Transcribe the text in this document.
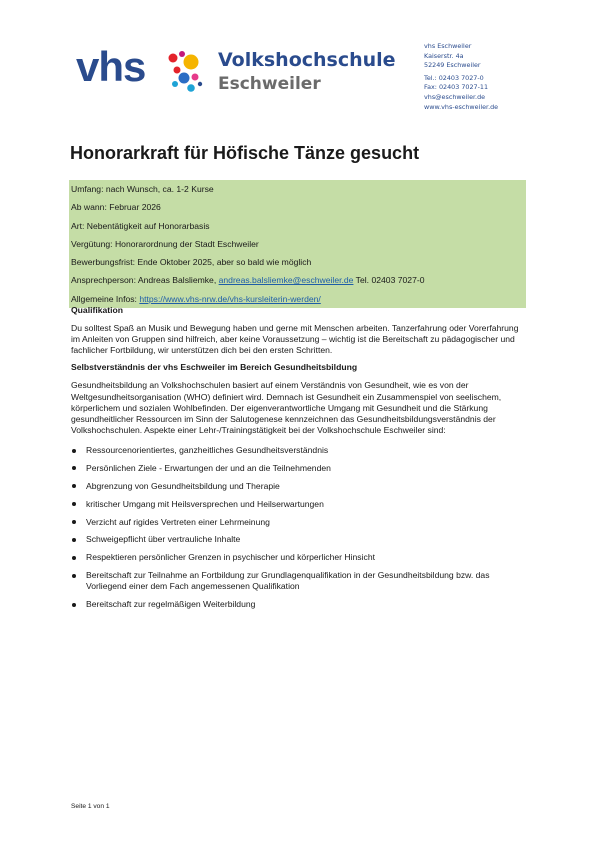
vhs	Volkshochschule
Eschweiler
vhs Eschweiler
Kaiserstr. 4a
52249 Eschweiler
Tel.: 02403 7027-0
Fax: 02403 7027-11
vhs@eschweiler.de
www.vhs-eschweiler.de
Honorarkraft für Höfische Tänze gesucht
Umfang: nach Wunsch, ca. 1-2 Kurse
Ab wann: Februar 2026
Art: Nebentätigkeit auf Honorarbasis
Vergütung: Honorarordnung der Stadt Eschweiler
Bewerbungsfrist: Ende Oktober 2025, aber so bald wie möglich
Ansprechperson: Andreas Balsliemke, andreas.balsliemke@eschweiler.de Tel. 02403 7027-0
Allgemeine Infos: https://www.vhs-nrw.de/vhs-kursleiterin-werden/
Qualifikation
Du solltest Spaß an Musik und Bewegung haben und gerne mit Menschen arbeiten. Tanzerfahrung oder Vorerfahrung im Anleiten von Gruppen sind hilfreich, aber keine Voraussetzung – wichtig ist die Bereitschaft zu pädagogischer und fachlicher Fortbildung, wir unterstützen dich bei den ersten Schritten.
Selbstverständnis der vhs Eschweiler im Bereich Gesundheitsbildung
Gesundheitsbildung an Volkshochschulen basiert auf einem Verständnis von Gesundheit, wie es von der Weltgesundheitsorganisation (WHO) definiert wird. Demnach ist Gesundheit ein Zusammenspiel von seelischem, körperlichem und sozialen Wohlbefinden. Der eigenverantwortliche Umgang mit Gesundheit und die Stärkung gesundheitlicher Ressourcen im Sinn der Salutogenese kennzeichnen das Gesundheitsbildungsverständnis der Volkshochschulen. Aspekte einer Lehr-/Trainingstätigkeit bei der Volkshochschule Eschweiler sind:
Ressourcenorientiertes, ganzheitliches Gesundheitsverständnis
Persönlichen Ziele - Erwartungen der und an die Teilnehmenden
Abgrenzung von Gesundheitsbildung und Therapie
kritischer Umgang mit Heilsversprechen und Heilserwartungen
Verzicht auf rigides Vertreten einer Lehrmeinung
Schweigepflicht über vertrauliche Inhalte
Respektieren persönlicher Grenzen in psychischer und körperlicher Hinsicht
Bereitschaft zur Teilnahme an Fortbildung zur Grundlagenqualifikation in der Gesundheitsbildung bzw. das Vorliegend einer dem Fach angemessenen Qualifikation
Bereitschaft zur regelmäßigen Weiterbildung
Seite 1 von 1
